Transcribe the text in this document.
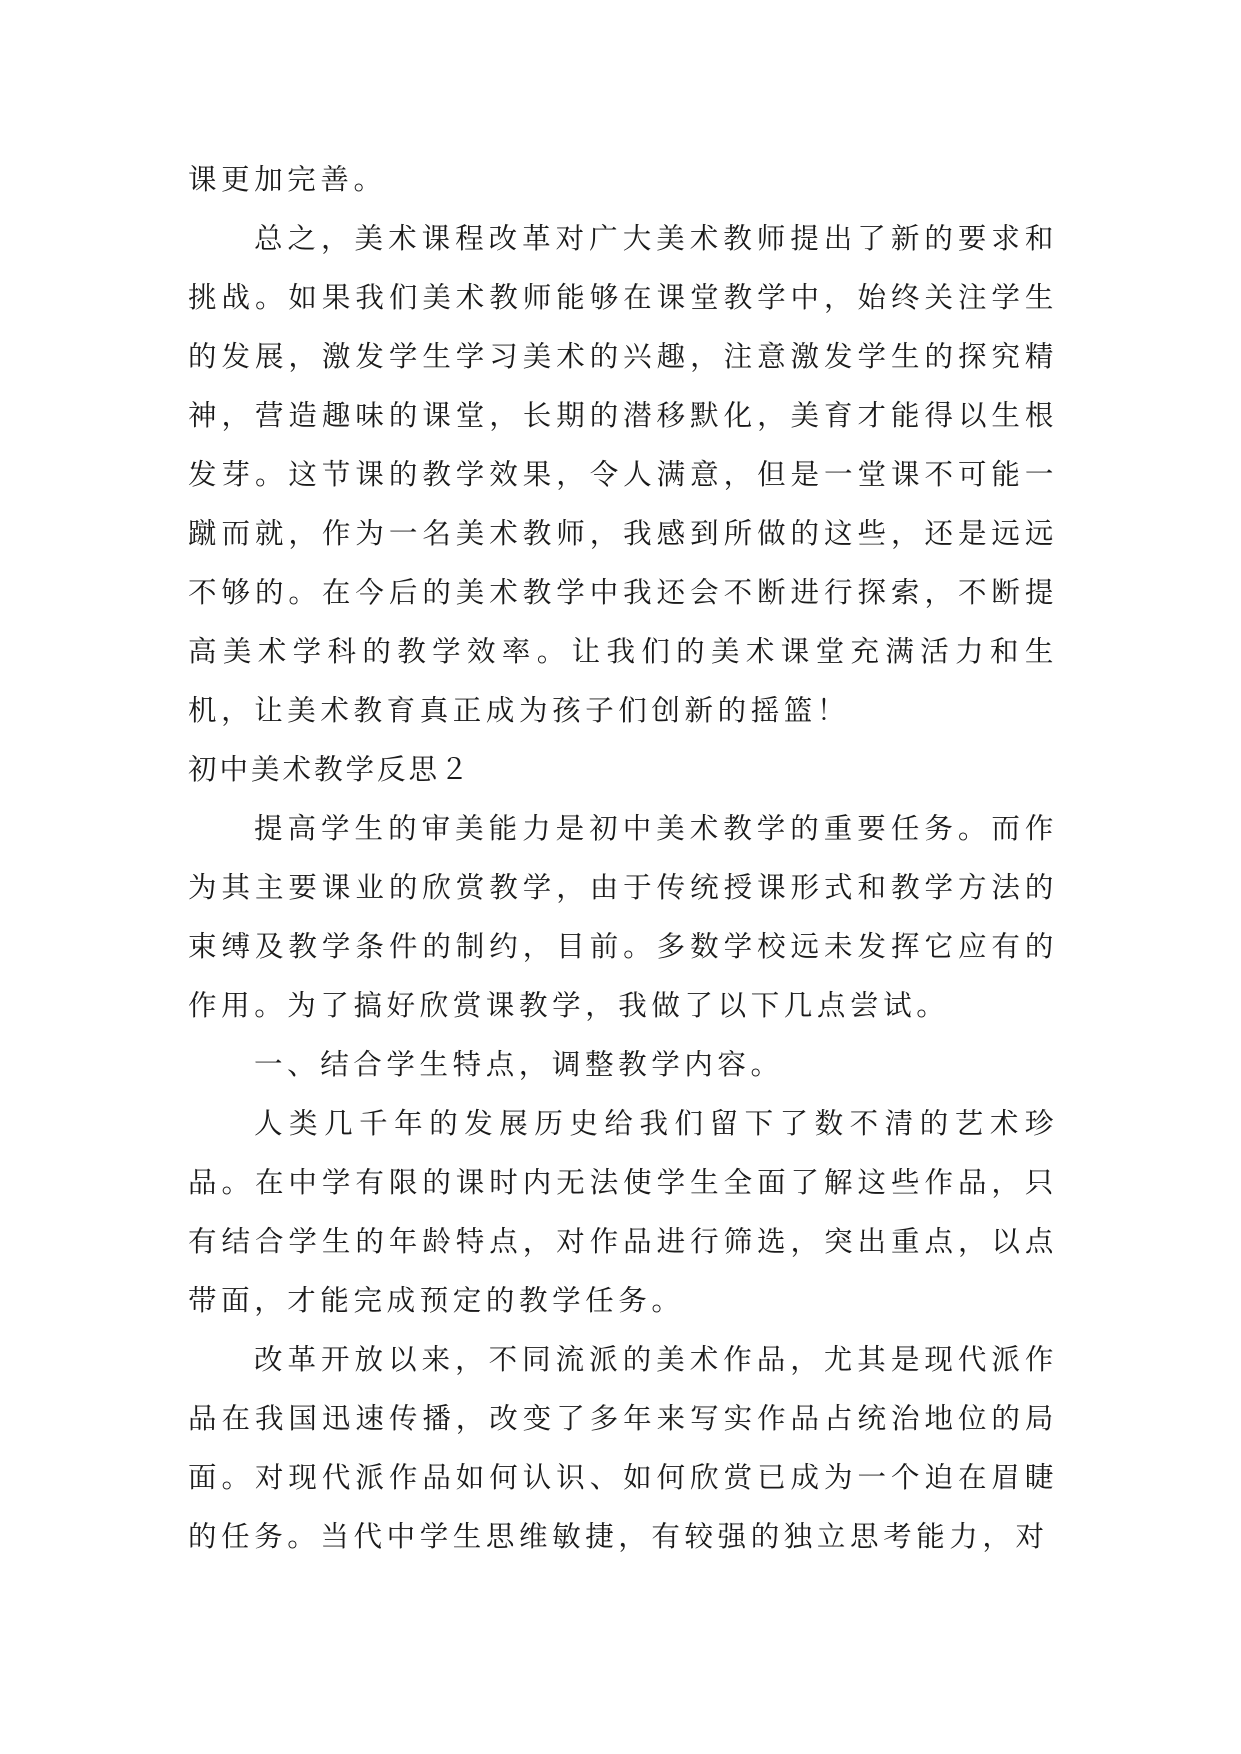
课更加完善。

总之，美术课程改革对广大美术教师提出了新的要求和挑战。如果我们美术教师能够在课堂教学中，始终关注学生的发展，激发学生学习美术的兴趣，注意激发学生的探究精神，营造趣味的课堂，长期的潜移默化，美育才能得以生根发芽。这节课的教学效果，令人满意，但是一堂课不可能一蹴而就，作为一名美术教师，我感到所做的这些，还是远远不够的。在今后的美术教学中我还会不断进行探索，不断提高美术学科的教学效率。让我们的美术课堂充满活力和生机，让美术教育真正成为孩子们创新的摇篮！

初中美术教学反思２

提高学生的审美能力是初中美术教学的重要任务。而作为其主要课业的欣赏教学，由于传统授课形式和教学方法的束缚及教学条件的制约，目前。多数学校远未发挥它应有的作用。为了搞好欣赏课教学，我做了以下几点尝试。

一、结合学生特点，调整教学内容。

人类几千年的发展历史给我们留下了数不清的艺术珍品。在中学有限的课时内无法使学生全面了解这些作品，只有结合学生的年龄特点，对作品进行筛选，突出重点，以点带面，才能完成预定的教学任务。

改革开放以来，不同流派的美术作品，尤其是现代派作品在我国迅速传播，改变了多年来写实作品占统治地位的局面。对现代派作品如何认识、如何欣赏已成为一个迫在眉睫的任务。当代中学生思维敏捷，有较强的独立思考能力，对
